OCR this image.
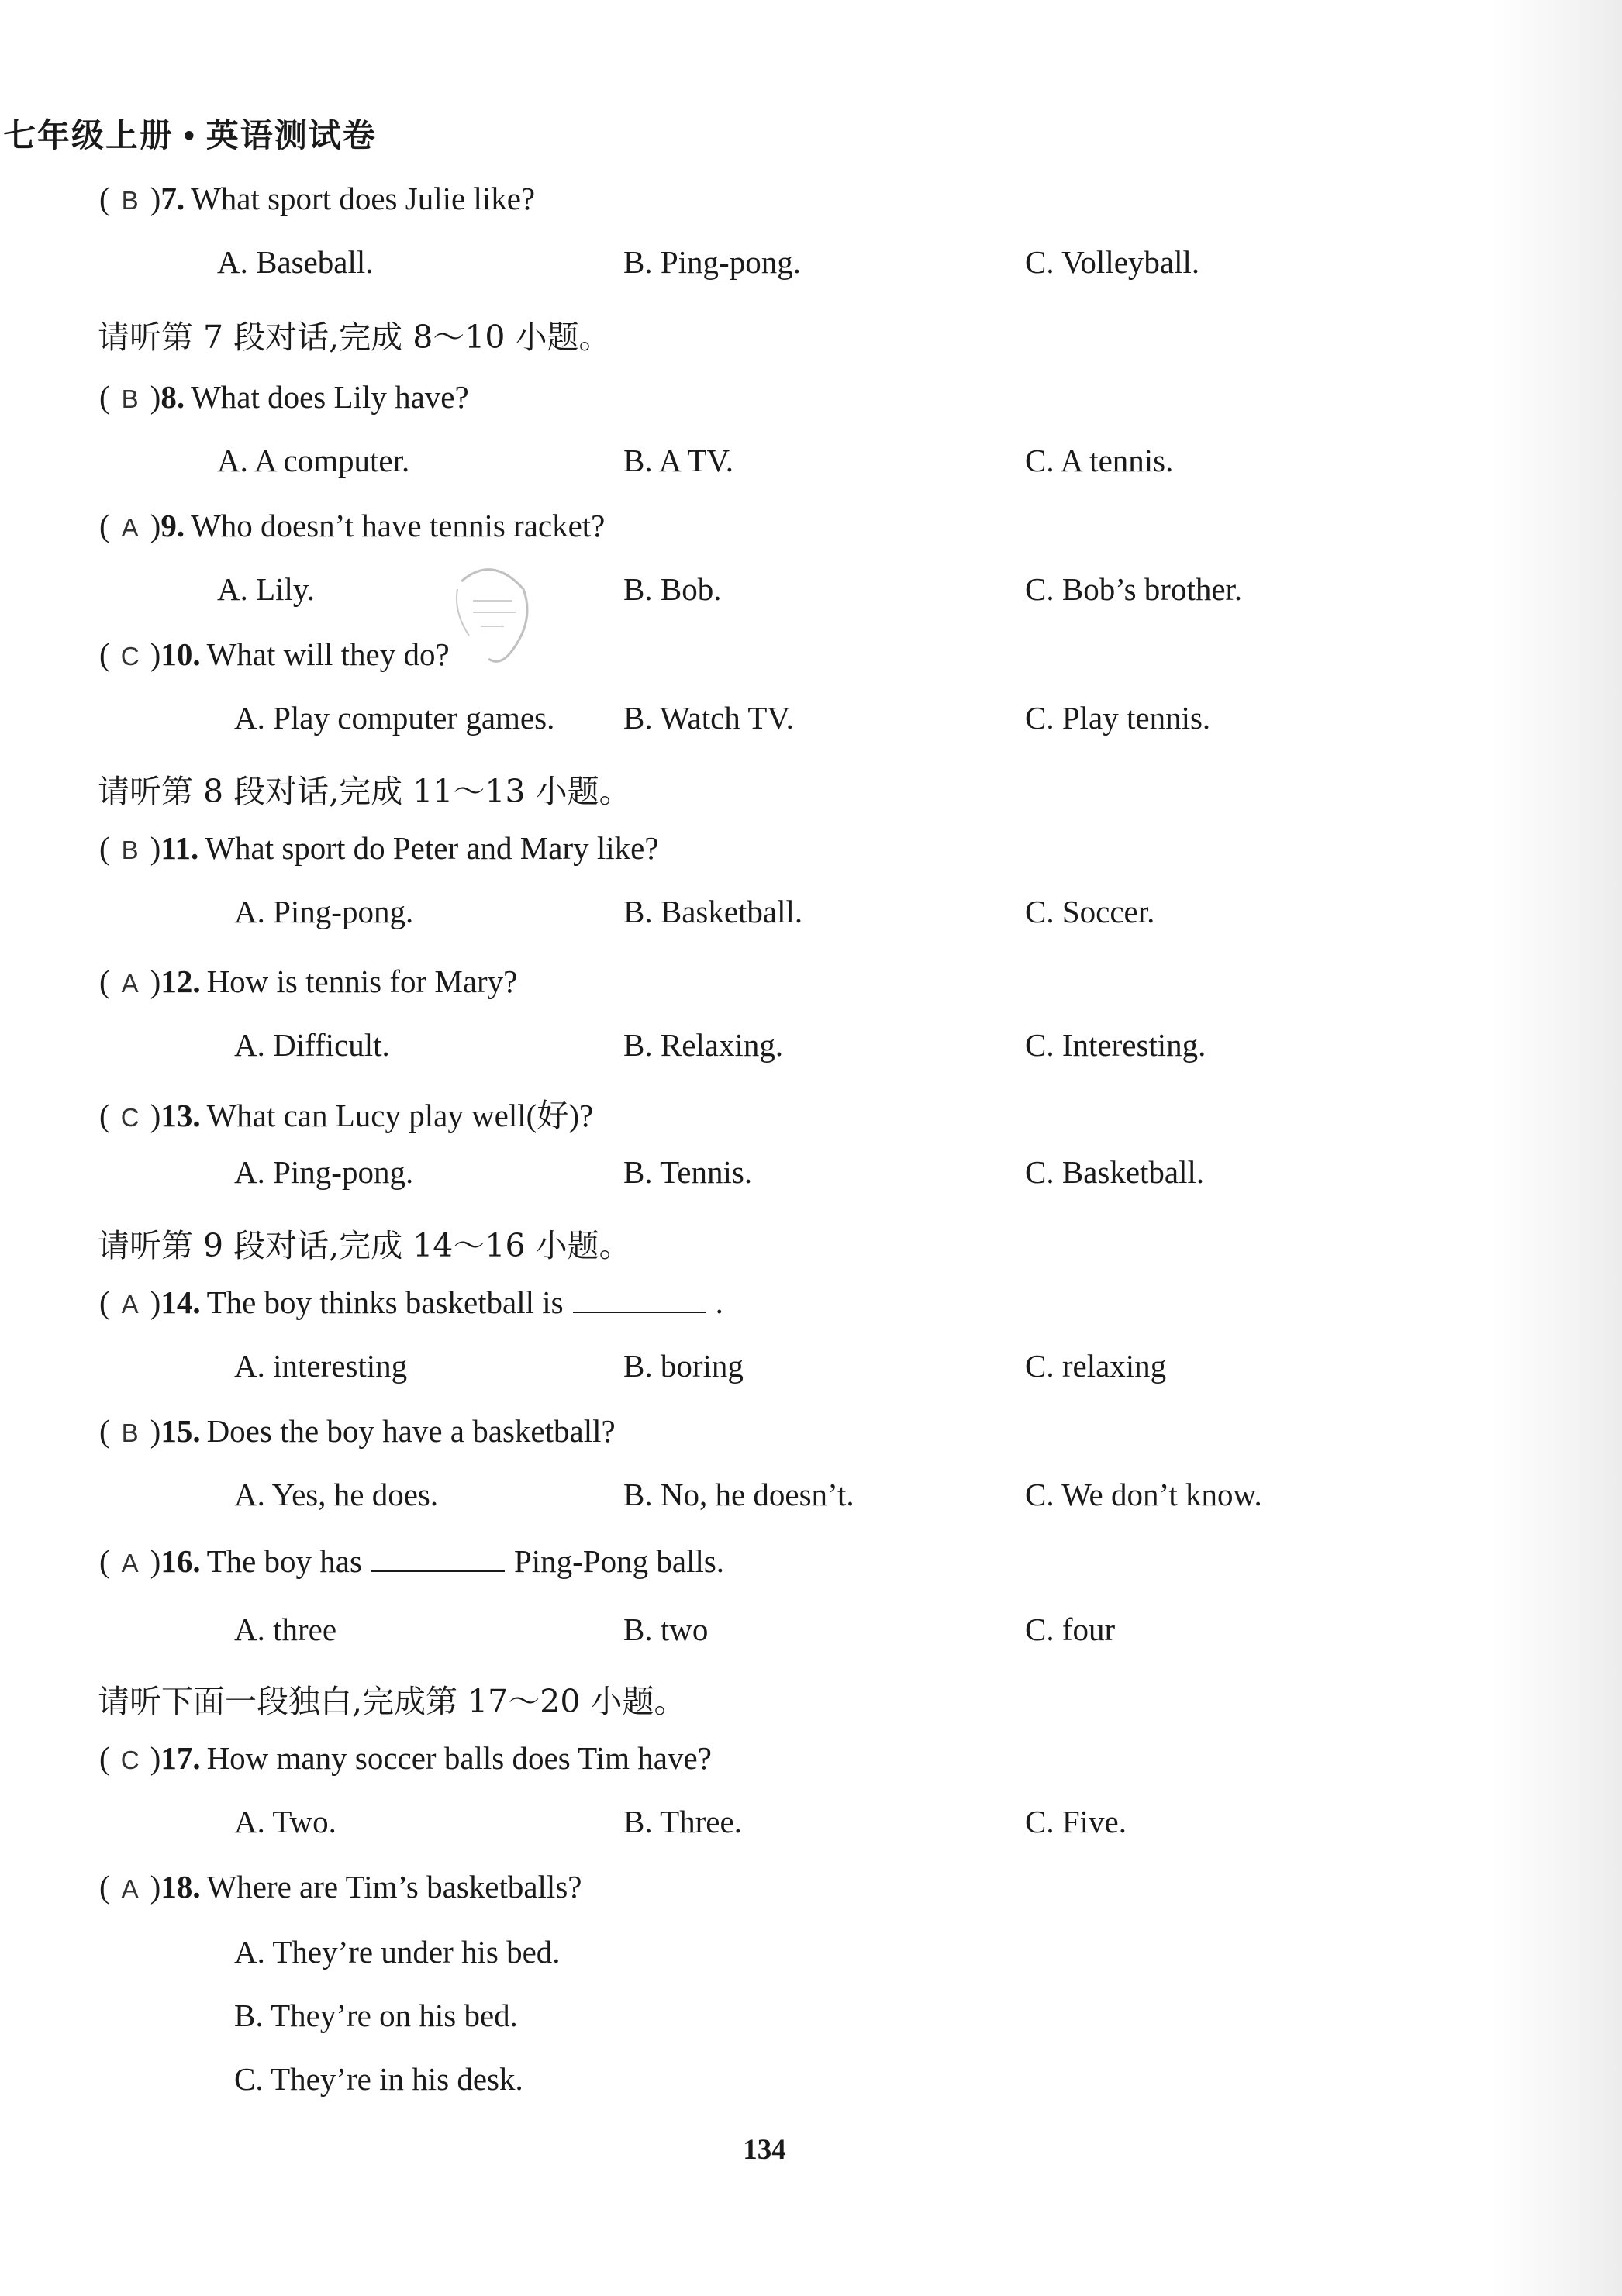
七年级上册 • 英语测试卷
( B )7. What sport does Julie like?
A. Baseball.	B. Ping-pong.	C. Volleyball.
请听第 7 段对话,完成 8～10 小题。
( B )8. What does Lily have?
A. A computer.	B. A TV.	C. A tennis.
( A )9. Who doesn’t have tennis racket?
A. Lily.	B. Bob.	C. Bob’s brother.
( C )10. What will they do?
A. Play computer games. B. Watch TV.	C. Play tennis.
请听第 8 段对话,完成 11～13 小题。
( B )11. What sport do Peter and Mary like?
A. Ping-pong.	B. Basketball.	C. Soccer.
( A )12. How is tennis for Mary?
A. Difficult.	B. Relaxing.	C. Interesting.
( C )13. What can Lucy play well(好)?
A. Ping-pong.	B. Tennis.	C. Basketball.
请听第 9 段对话,完成 14～16 小题。
( A )14. The boy thinks basketball is	.
A. interesting	B. boring	C. relaxing
( B )15. Does the boy have a basketball?
A. Yes, he does.	B. No, he doesn’t.	C. We don’t know.
( A )16. The boy has	Ping-Pong balls.
A. three	B. two	C. four
请听下面一段独白,完成第 17～20 小题。
( C )17. How many soccer balls does Tim have?
A. Two.	B. Three.	C. Five.
( A )18. Where are Tim’s basketballs?
A. They’re under his bed.
B. They’re on his bed.
C. They’re in his desk.
134
